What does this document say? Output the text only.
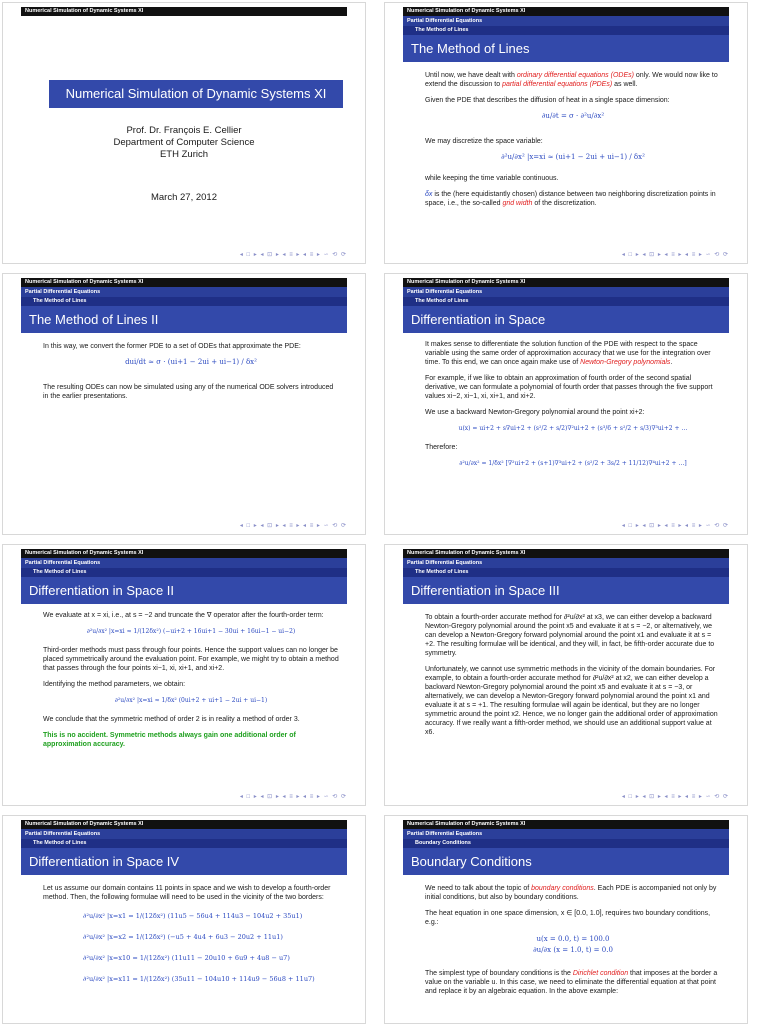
Numerical Simulation of Dynamic Systems XI
Numerical Simulation of Dynamic Systems XI
Prof. Dr. François E. Cellier
Department of Computer Science
ETH Zurich
March 27, 2012
◂ □ ▸ ◂ ⊡ ▸ ◂ ≡ ▸ ◂ ≡ ▸ ∽ ⟲ ⟳
Numerical Simulation of Dynamic Systems XI
Partial Differential Equations
The Method of Lines
The Method of Lines

Until now, we have dealt with ordinary differential equations (ODEs) only. We would now like to extend the discussion to partial differential equations (PDEs) as well.

Given the PDE that describes the diffusion of heat in a single space dimension:

∂u/∂t = σ · ∂²u/∂x²

We may discretize the space variable:

∂²u/∂x² |x=xi ≈ (ui+1 − 2ui + ui−1) / δx²

while keeping the time variable continuous.

δx is the (here equidistantly chosen) distance between two neighboring discretization points in space, i.e., the so-called grid width of the discretization.

◂ □ ▸ ◂ ⊡ ▸ ◂ ≡ ▸ ◂ ≡ ▸ ∽ ⟲ ⟳
Numerical Simulation of Dynamic Systems XI
Partial Differential Equations
The Method of Lines
The Method of Lines II

In this way, we convert the former PDE to a set of ODEs that approximate the PDE:

dui/dt ≈ σ · (ui+1 − 2ui + ui−1) / δx²

The resulting ODEs can now be simulated using any of the numerical ODE solvers introduced in the earlier presentations.

◂ □ ▸ ◂ ⊡ ▸ ◂ ≡ ▸ ◂ ≡ ▸ ∽ ⟲ ⟳
Numerical Simulation of Dynamic Systems XI
Partial Differential Equations
The Method of Lines
Differentiation in Space

It makes sense to differentiate the solution function of the PDE with respect to the space variable using the same order of approximation accuracy that we use for the integration over time. To this end, we can once again make use of Newton-Gregory polynomials.

For example, if we like to obtain an approximation of fourth order of the second spatial derivative, we can formulate a polynomial of fourth order that passes through the five support values xi−2, xi−1, xi, xi+1, and xi+2.

We use a backward Newton-Gregory polynomial around the point xi+2:

u(x) = ui+2 + s∇ui+2 + (s²/2 + s/2)∇²ui+2 + (s³/6 + s²/2 + s/3)∇³ui+2 + …

Therefore:

∂²u/∂x² = 1/δx² [∇²ui+2 + (s+1)∇³ui+2 + (s²/2 + 3s/2 + 11/12)∇⁴ui+2 + …]
◂ □ ▸ ◂ ⊡ ▸ ◂ ≡ ▸ ◂ ≡ ▸ ∽ ⟲ ⟳
Numerical Simulation of Dynamic Systems XI
Partial Differential Equations
The Method of Lines
Differentiation in Space II

We evaluate at x = xi, i.e., at s = −2 and truncate the ∇ operator after the fourth-order term:

∂²u/∂x² |x=xi ≈ 1/(12δx²) (−ui+2 + 16ui+1 − 30ui + 16ui−1 − ui−2)

Third-order methods must pass through four points. Hence the support values can no longer be placed symmetrically around the evaluation point. For example, we might try to obtain a method that passes through the four points xi−1, xi, xi+1, and xi+2.

Identifying the method parameters, we obtain:

∂²u/∂x² |x=xi ≈ 1/δx² (0ui+2 + ui+1 − 2ui + ui−1)

We conclude that the symmetric method of order 2 is in reality a method of order 3.

This is no accident. Symmetric methods always gain one additional order of approximation accuracy.

◂ □ ▸ ◂ ⊡ ▸ ◂ ≡ ▸ ◂ ≡ ▸ ∽ ⟲ ⟳
Numerical Simulation of Dynamic Systems XI
Partial Differential Equations
The Method of Lines
Differentiation in Space III

To obtain a fourth-order accurate method for ∂²u/∂x² at x3, we can either develop a backward Newton-Gregory polynomial around the point x5 and evaluate it at s = −2, or alternatively, we can develop a Newton-Gregory forward polynomial around the point x1 and evaluate it at s = +2. The resulting formulae will be identical, and they will, in fact, be fifth-order accurate due to symmetry.

Unfortunately, we cannot use symmetric methods in the vicinity of the domain boundaries. For example, to obtain a fourth-order accurate method for ∂²u/∂x² at x2, we can either develop a backward Newton-Gregory polynomial around the point x5 and evaluate it at s = −3, or alternatively, we can develop a Newton-Gregory forward polynomial around the point x1 and evaluate it at s = +1. The resulting formulae will again be identical, but they are no longer symmetric around the point x2. Hence, we no longer gain the additional order of approximation accuracy. If we really want a fifth-order method, we should use an additional support value at x6.

◂ □ ▸ ◂ ⊡ ▸ ◂ ≡ ▸ ◂ ≡ ▸ ∽ ⟲ ⟳
Numerical Simulation of Dynamic Systems XI
Partial Differential Equations
The Method of Lines
Differentiation in Space IV

Let us assume our domain contains 11 points in space and we wish to develop a fourth-order method. Then, the following formulae will need to be used in the vicinity of the two borders:

∂²u/∂x² |x=x1 = 1/(12δx²) (11u5 − 56u4 + 114u3 − 104u2 + 35u1)
∂²u/∂x² |x=x2 = 1/(12δx²) (−u5 + 4u4 + 6u3 − 20u2 + 11u1)
∂²u/∂x² |x=x10 = 1/(12δx²) (11u11 − 20u10 + 6u9 + 4u8 − u7)
∂²u/∂x² |x=x11 = 1/(12δx²) (35u11 − 104u10 + 114u9 − 56u8 + 11u7)
Numerical Simulation of Dynamic Systems XI
Partial Differential Equations
Boundary Conditions
Boundary Conditions

We need to talk about the topic of boundary conditions. Each PDE is accompanied not only by initial conditions, but also by boundary conditions.

The heat equation in one space dimension, x ∈ [0.0, 1.0], requires two boundary conditions, e.g.:

u(x = 0.0, t) = 100.0
∂u/∂x (x = 1.0, t) = 0.0

The simplest type of boundary conditions is the Dirichlet condition that imposes at the border a value on the variable u. In this case, we need to eliminate the differential equation at that point and replace it by an algebraic equation. In the above example:
